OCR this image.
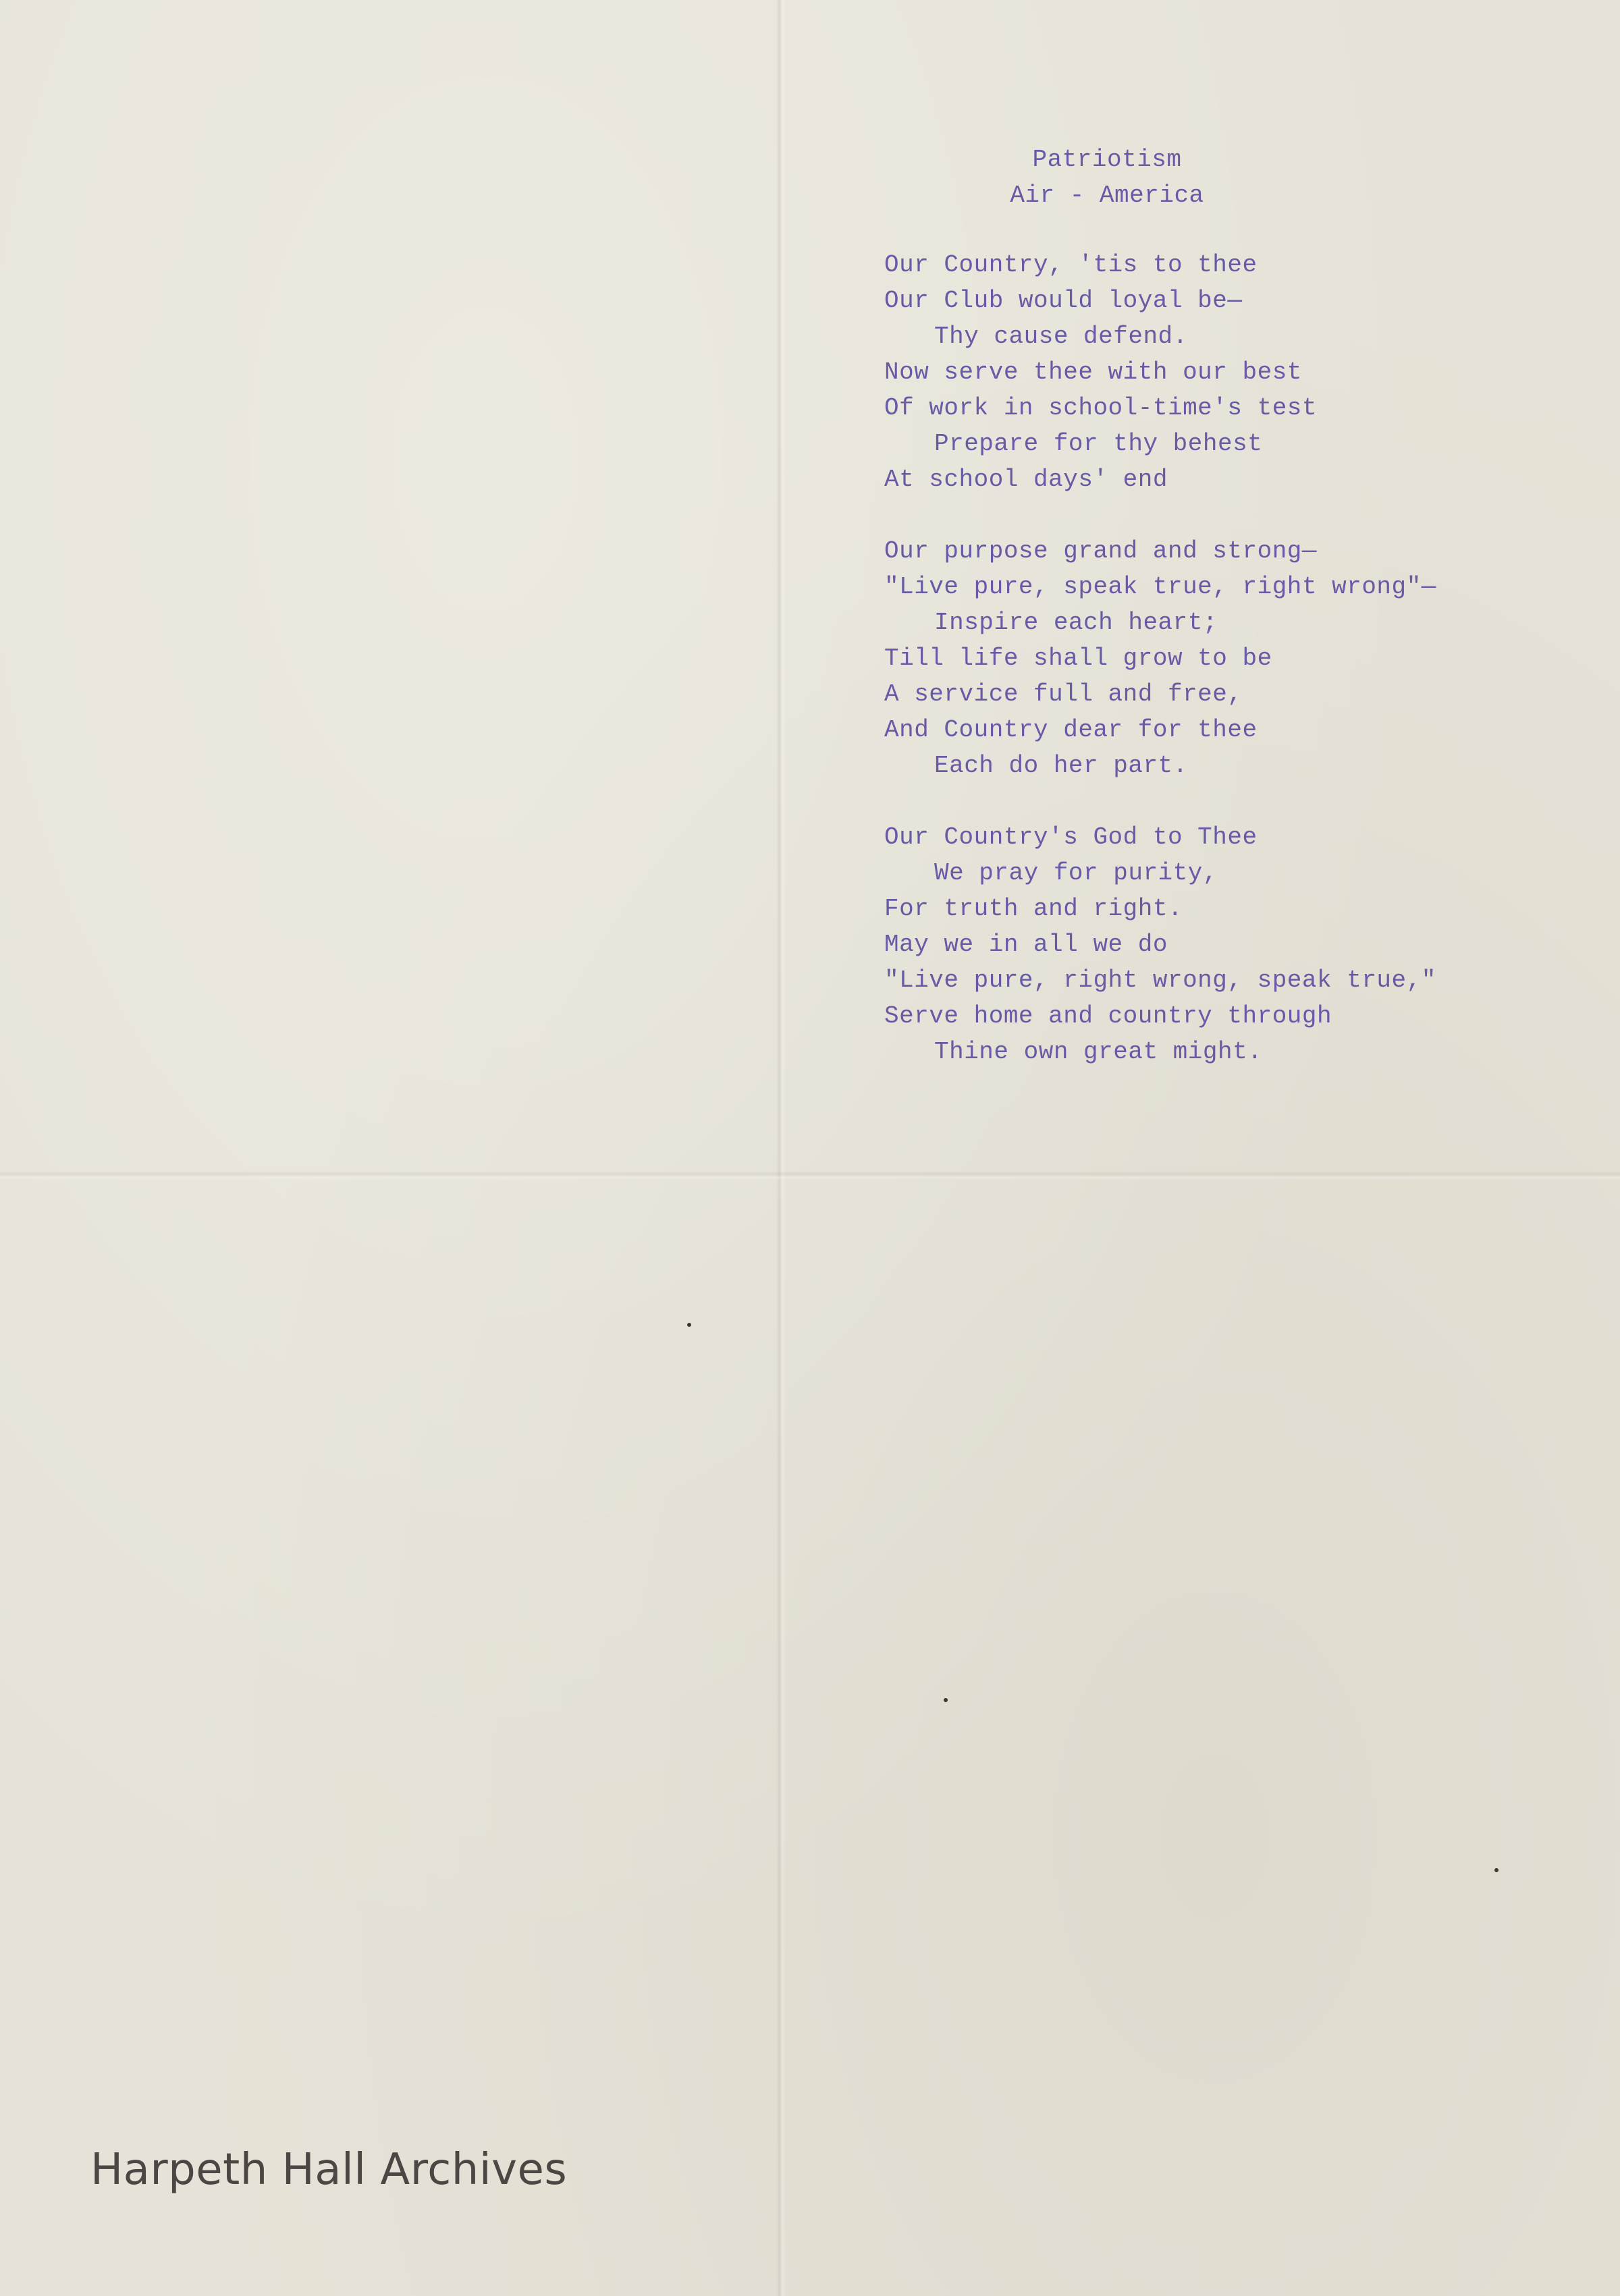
Patriotism
Air - America
Our Country, 'tis to thee
Our Club would loyal be—
Thy cause defend.
Now serve thee with our best
Of work in school-time's test
Prepare for thy behest
At school days' end
Our purpose grand and strong—
"Live pure, speak true, right wrong"—
Inspire each heart;
Till life shall grow to be
A service full and free,
And Country dear for thee
Each do her part.
Our Country's God to Thee
We pray for purity,
For truth and right.
May we in all we do
"Live pure, right wrong, speak true,"
Serve home and country through
Thine own great might.
Harpeth Hall Archives
